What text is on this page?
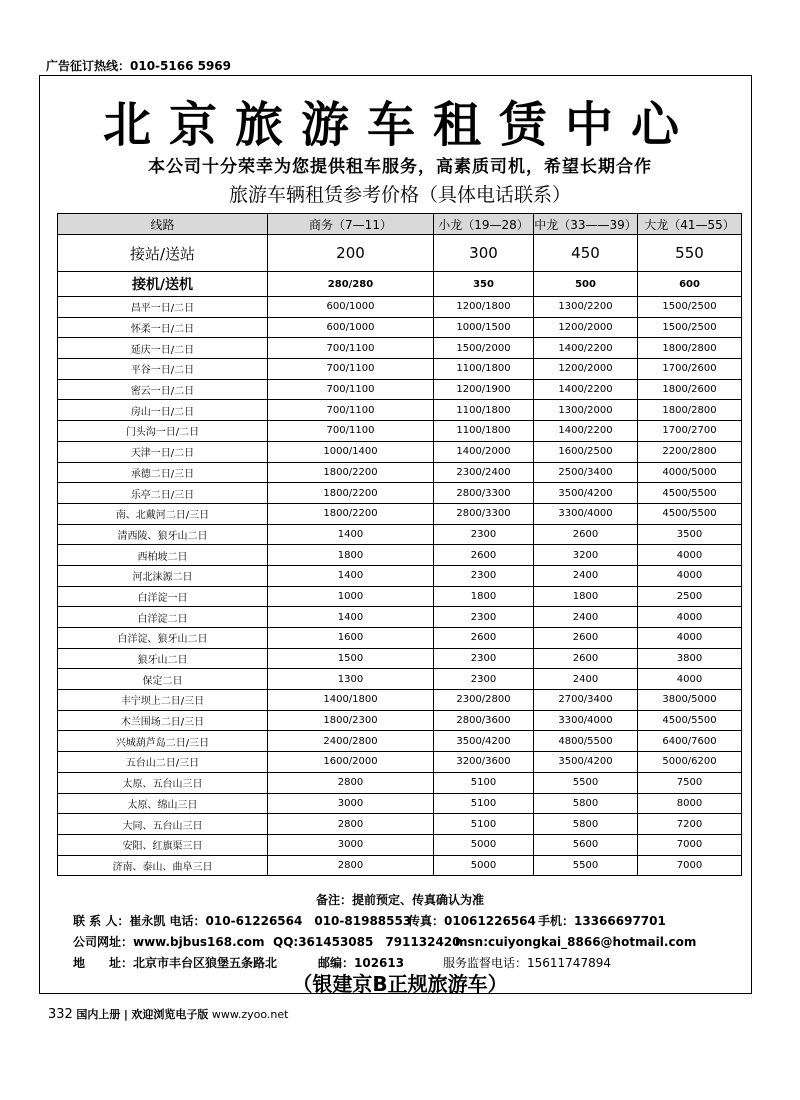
广告征订热线：010-5166 5969
北京旅游车租赁中心
本公司十分荣幸为您提供租车服务，高素质司机，希望长期合作
旅游车辆租赁参考价格（具体电话联系）
线路	商务（7—11）	小龙（19—28）	中龙（33——39）	大龙（41—55）
接站/送站	200	300	450	550
接机/送机	280/280	350	500	600
昌平一日/二日	600/1000	1200/1800	1300/2200	1500/2500
怀柔一日/二日	600/1000	1000/1500	1200/2000	1500/2500
延庆一日/二日	700/1100	1500/2000	1400/2200	1800/2800
平谷一日/二日	700/1100	1100/1800	1200/2000	1700/2600
密云一日/二日	700/1100	1200/1900	1400/2200	1800/2600
房山一日/二日	700/1100	1100/1800	1300/2000	1800/2800
门头沟一日/二日	700/1100	1100/1800	1400/2200	1700/2700
天津一日/二日	1000/1400	1400/2000	1600/2500	2200/2800
承德二日/三日	1800/2200	2300/2400	2500/3400	4000/5000
乐亭二日/三日	1800/2200	2800/3300	3500/4200	4500/5500
南、北戴河二日/三日	1800/2200	2800/3300	3300/4000	4500/5500
清西陵、狼牙山二日	1400	2300	2600	3500
西柏坡二日	1800	2600	3200	4000
河北涞源二日	1400	2300	2400	4000
白洋淀一日	1000	1800	1800	2500
白洋淀二日	1400	2300	2400	4000
白洋淀、狼牙山二日	1600	2600	2600	4000
狼牙山二日	1500	2300	2600	3800
保定二日	1300	2300	2400	4000
丰宁坝上二日/三日	1400/1800	2300/2800	2700/3400	3800/5000
木兰围场二日/三日	1800/2300	2800/3600	3300/4000	4500/5500
兴城葫芦岛二日/三日	2400/2800	3500/4200	4800/5500	6400/7600
五台山二日/三日	1600/2000	3200/3600	3500/4200	5000/6200
太原、五台山三日	2800	5100	5500	7500
太原、绵山三日	3000	5100	5800	8000
大同、五台山三日	2800	5100	5800	7200
安阳、红旗渠三日	3000	5000	5600	7000
济南、泰山、曲阜三日	2800	5000	5500	7000
备注：提前预定、传真确认为准
联 系 人：崔永凯 电话：010-61226564　010-81988553传真：01061226564 手机：13366697701
公司网址：www.bjbus168.com QQ:361453085　791132420msn:cuiyongkai_8866@hotmail.com
地　　址：北京市丰台区狼堡五条路北	邮编：102613	服务监督电话：15611747894
（银建京B正规旅游车）
332 国内上册 | 欢迎浏览电子版 www.zyoo.net
